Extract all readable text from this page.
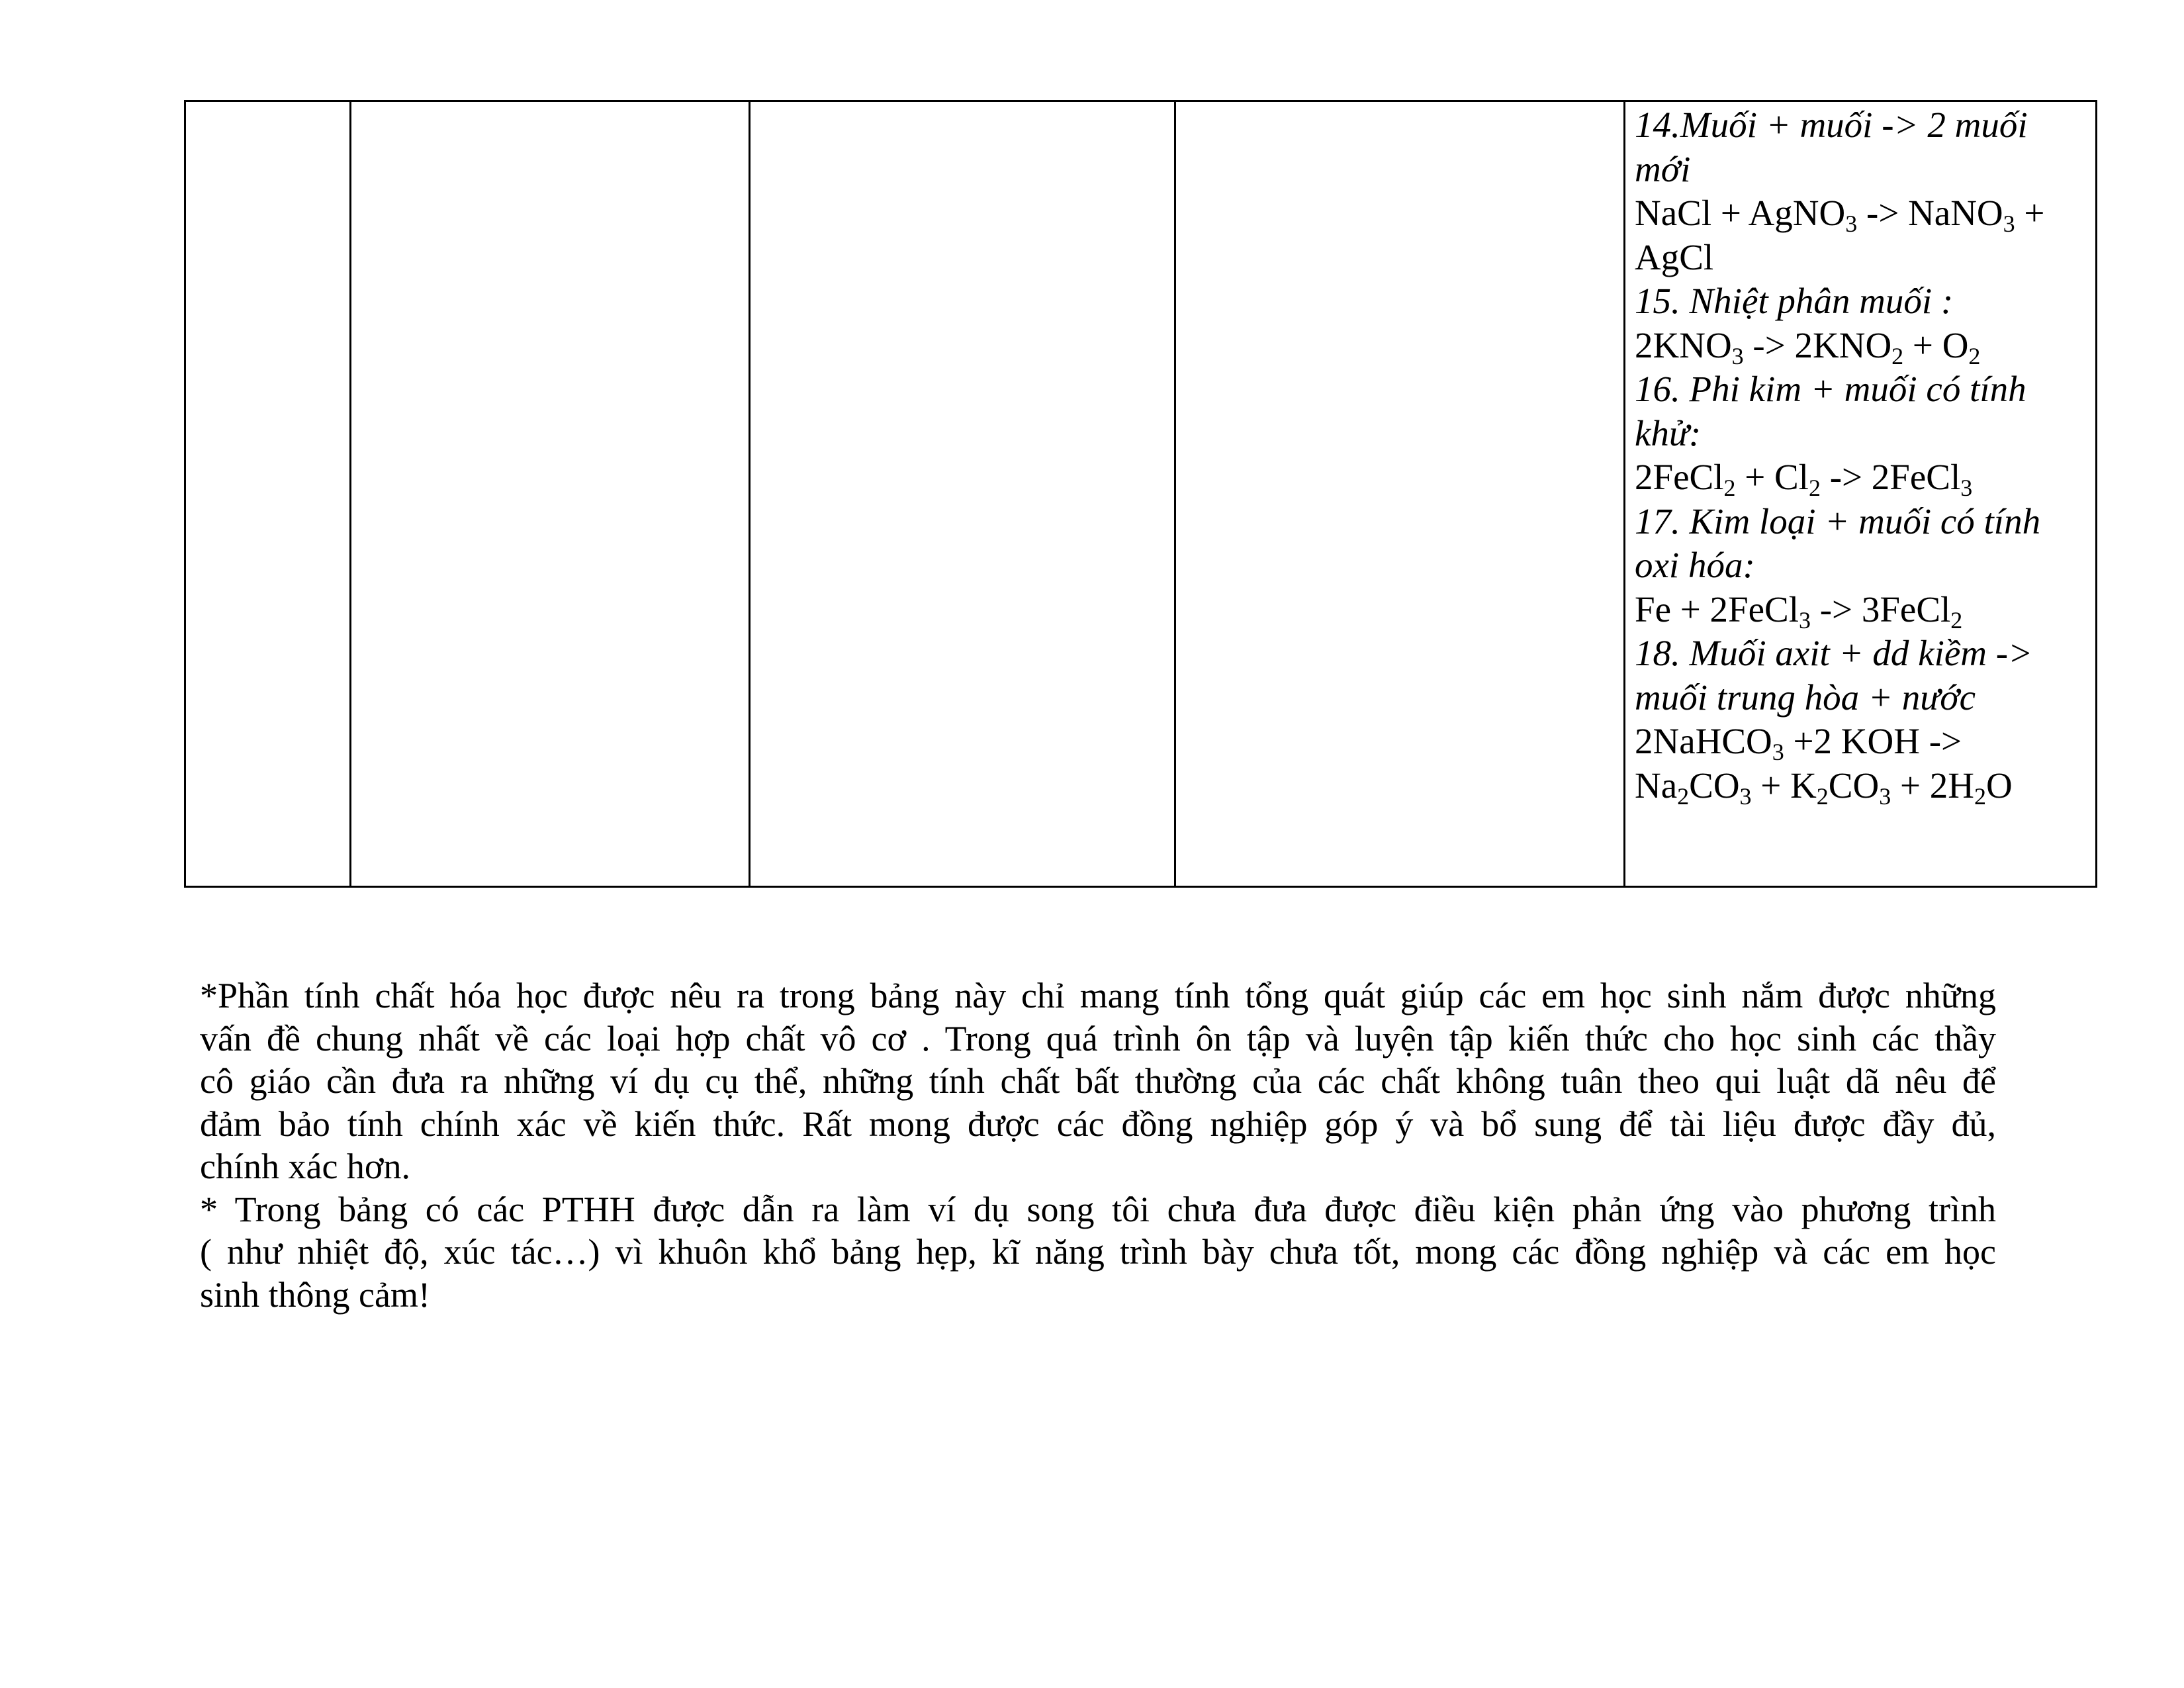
14.Muối + muối -> 2 muối
mới
NaCl + AgNO$_3$ -> NaNO$_3$ +
AgCl
15. Nhiệt phân muối :
$2KNO_3 -> 2KNO_2 + O_2$
16. Phi kim + muối có tính
khử:
2FeCl$_2$ + $Cl_2$ -> 2FeCl$_3$
17. Kim loại + muối có tính
oxi hóa:
Fe + 2FeCl$_3$ -> 3FeCl$_2$
18. Muối axit + dd kiềm ->
muối trung hòa + nước
2NaHCO$_3$ +2 KOH ->
$Na_2CO_3 + K_2CO_3 + 2H_2O$
*Phần tính chất hóa học được nêu ra trong bảng này chỉ mang tính tổng quát giúp các em học sinh nắm được những
vấn đề chung nhất về các loại hợp chất vô cơ . Trong quá trình ôn tập và luyện tập kiến thức cho học sinh các thầy
cô giáo cần đưa ra những ví dụ cụ thể, những tính chất bất thường của các chất không tuân theo qui luật dã nêu để
đảm bảo tính chính xác về kiến thức. Rất mong được các đồng nghiệp góp ý và bổ sung để tài liệu được đầy đủ,
chính xác hơn.
* Trong bảng có các PTHH được dẫn ra làm ví dụ song tôi chưa đưa được điều kiện phản ứng vào phương trình
( như nhiệt độ, xúc tác…) vì khuôn khổ bảng hẹp, kĩ năng trình bày chưa tốt, mong các đồng nghiệp và các em học
sinh thông cảm!
